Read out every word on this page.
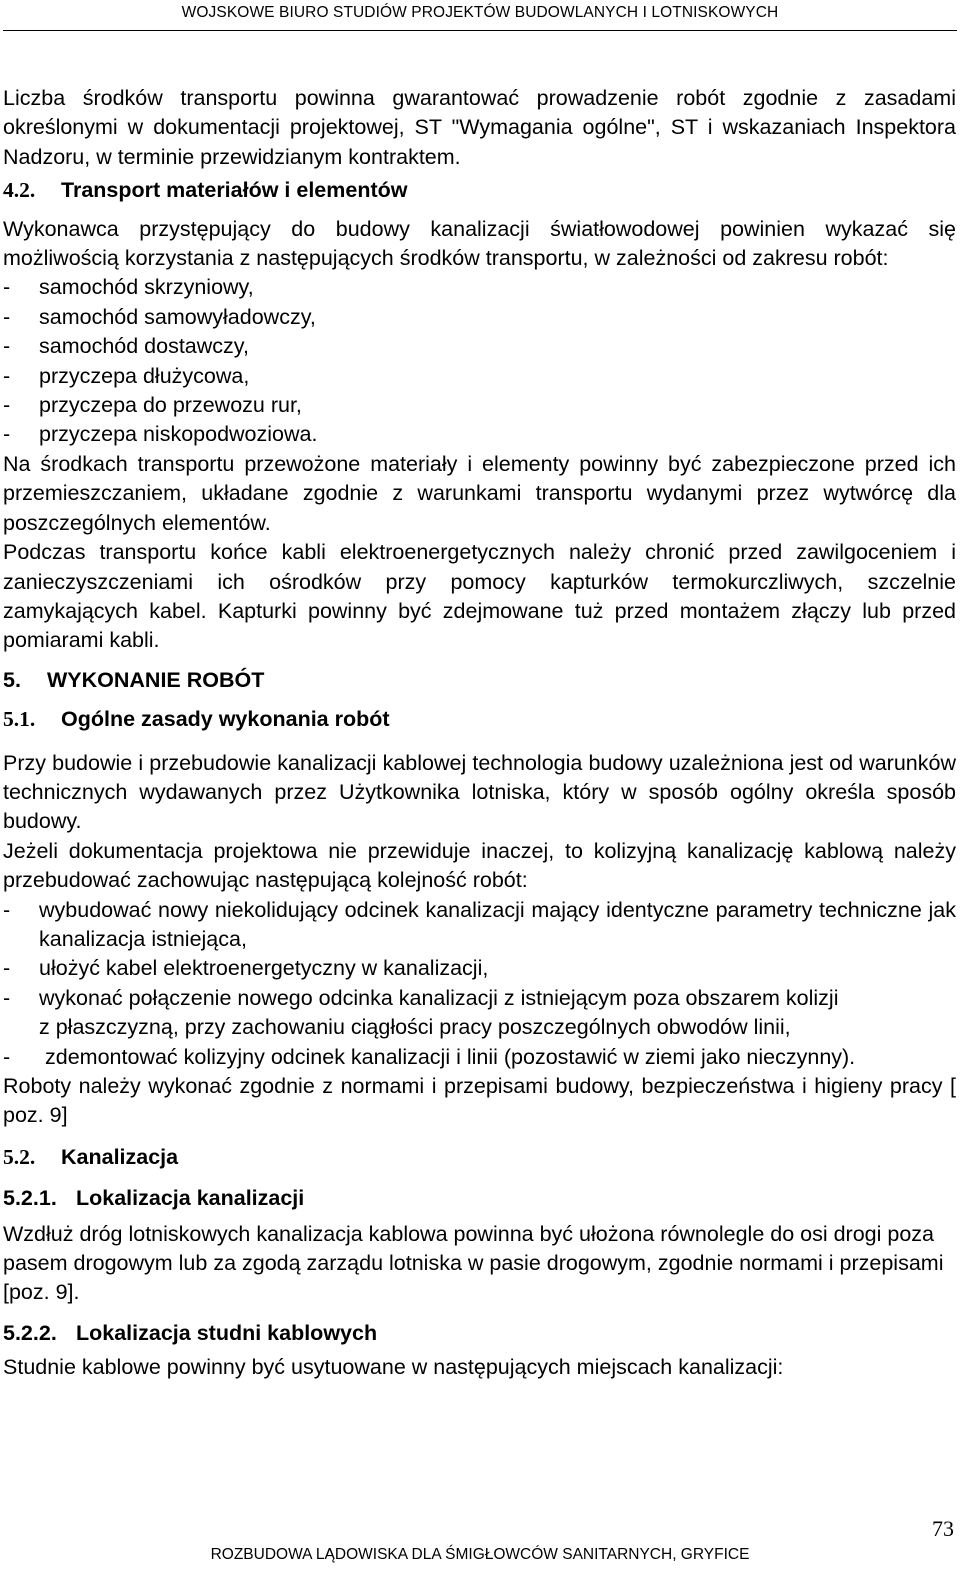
WOJSKOWE BIURO STUDIÓW PROJEKTÓW BUDOWLANYCH I LOTNISKOWYCH

Liczba środków transportu powinna gwarantować prowadzenie robót zgodnie z zasadami określonymi w dokumentacji projektowej, ST "Wymagania ogólne", ST i wskazaniach Inspektora Nadzoru, w terminie przewidzianym kontraktem.

4.2.	Transport materiałów i elementów

Wykonawca przystępujący do budowy kanalizacji światłowodowej powinien wykazać się możliwością korzystania z następujących środków transportu, w zależności od zakresu robót:

-	samochód skrzyniowy,
-	samochód samowyładowczy,
-	samochód dostawczy,
-	przyczepa dłużycowa,
-	przyczepa do przewozu rur,
-	przyczepa niskopodwoziowa.

Na środkach transportu przewożone materiały i elementy powinny być zabezpieczone przed ich przemieszczaniem, układane zgodnie z warunkami transportu wydanymi przez wytwórcę dla poszczególnych elementów.

Podczas transportu końce kabli elektroenergetycznych należy chronić przed zawilgoceniem i zanieczyszczeniami ich ośrodków przy pomocy kapturków termokurczliwych, szczelnie zamykających kabel. Kapturki powinny być zdejmowane tuż przed montażem złączy lub przed pomiarami kabli.

5.	WYKONANIE ROBÓT
5.1.	Ogólne zasady wykonania robót

Przy budowie i przebudowie kanalizacji kablowej technologia budowy uzależniona jest od warunków technicznych wydawanych przez Użytkownika lotniska, który w sposób ogólny określa sposób budowy.

Jeżeli dokumentacja projektowa nie przewiduje inaczej, to kolizyjną kanalizację kablową należy przebudować zachowując następującą kolejność robót:

-	wybudować nowy niekolidujący odcinek kanalizacji mający identyczne parametry techniczne jak kanalizacja istniejąca,
-	ułożyć kabel elektroenergetyczny w kanalizacji,
-	wykonać połączenie nowego odcinka kanalizacji z istniejącym poza obszarem kolizji
z płaszczyzną, przy zachowaniu ciągłości pracy poszczególnych obwodów linii,
-	zdemontować kolizyjny odcinek kanalizacji i linii (pozostawić w ziemi jako nieczynny).

Roboty należy wykonać zgodnie z normami i przepisami budowy, bezpieczeństwa i higieny pracy [ poz. 9]

5.2.	Kanalizacja
5.2.1. Lokalizacja kanalizacji

Wzdłuż dróg lotniskowych kanalizacja kablowa powinna być ułożona równolegle do osi drogi poza pasem drogowym lub za zgodą zarządu lotniska w pasie drogowym, zgodnie normami i przepisami [poz. 9].

5.2.2. Lokalizacja studni kablowych

Studnie kablowe powinny być usytuowane w następujących miejscach kanalizacji:

73
ROZBUDOWA LĄDOWISKA DLA ŚMIGŁOWCÓW SANITARNYCH, GRYFICE
